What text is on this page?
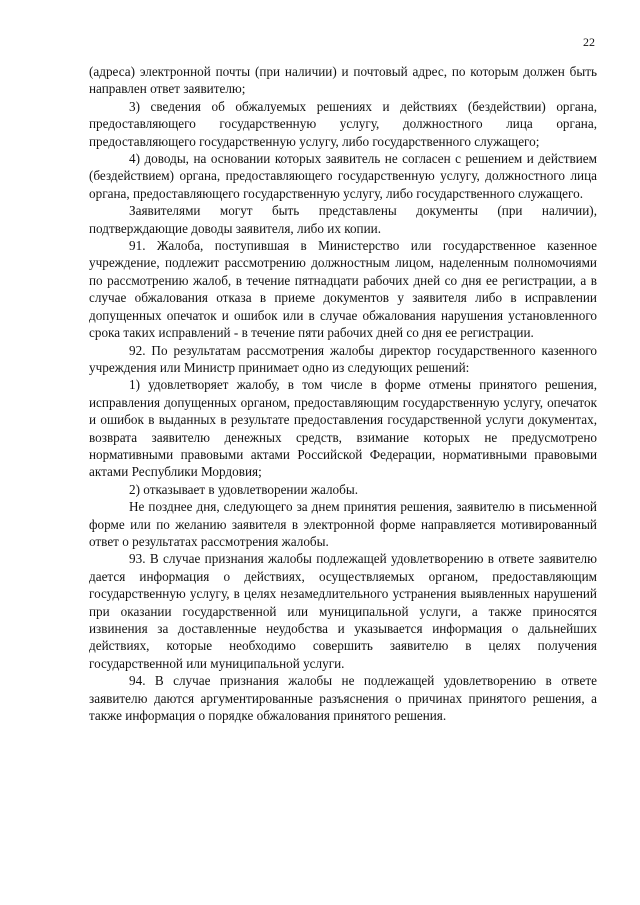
22

(адреса) электронной почты (при наличии) и почтовый адрес, по которым должен быть направлен ответ заявителю;

3) сведения об обжалуемых решениях и действиях (бездействии) органа, предоставляющего государственную услугу, должностного лица органа, предоставляющего государственную услугу, либо государственного служащего;

4) доводы, на основании которых заявитель не согласен с решением и действием (бездействием) органа, предоставляющего государственную услугу, должностного лица органа, предоставляющего государственную услугу, либо государственного служащего.

Заявителями могут быть представлены документы (при наличии), подтверждающие доводы заявителя, либо их копии.

91. Жалоба, поступившая в Министерство или государственное казенное учреждение, подлежит рассмотрению должностным лицом, наделенным полномочиями по рассмотрению жалоб, в течение пятнадцати рабочих дней со дня ее регистрации, а в случае обжалования отказа в приеме документов у заявителя либо в исправлении допущенных опечаток и ошибок или в случае обжалования нарушения установленного срока таких исправлений - в течение пяти рабочих дней со дня ее регистрации.

92. По результатам рассмотрения жалобы директор государственного казенного учреждения или Министр принимает одно из следующих решений:

1) удовлетворяет жалобу, в том числе в форме отмены принятого решения, исправления допущенных органом, предоставляющим государственную услугу, опечаток и ошибок в выданных в результате предоставления государственной услуги документах, возврата заявителю денежных средств, взимание которых не предусмотрено нормативными правовыми актами Российской Федерации, нормативными правовыми актами Республики Мордовия;

2) отказывает в удовлетворении жалобы.

Не позднее дня, следующего за днем принятия решения, заявителю в письменной форме или по желанию заявителя в электронной форме направляется мотивированный ответ о результатах рассмотрения жалобы.

93. В случае признания жалобы подлежащей удовлетворению в ответе заявителю дается информация о действиях, осуществляемых органом, предоставляющим государственную услугу, в целях незамедлительного устранения выявленных нарушений при оказании государственной или муниципальной услуги, а также приносятся извинения за доставленные неудобства и указывается информация о дальнейших действиях, которые необходимо совершить заявителю в целях получения государственной или муниципальной услуги.

94. В случае признания жалобы не подлежащей удовлетворению в ответе заявителю даются аргументированные разъяснения о причинах принятого решения, а также информация о порядке обжалования принятого решения.
